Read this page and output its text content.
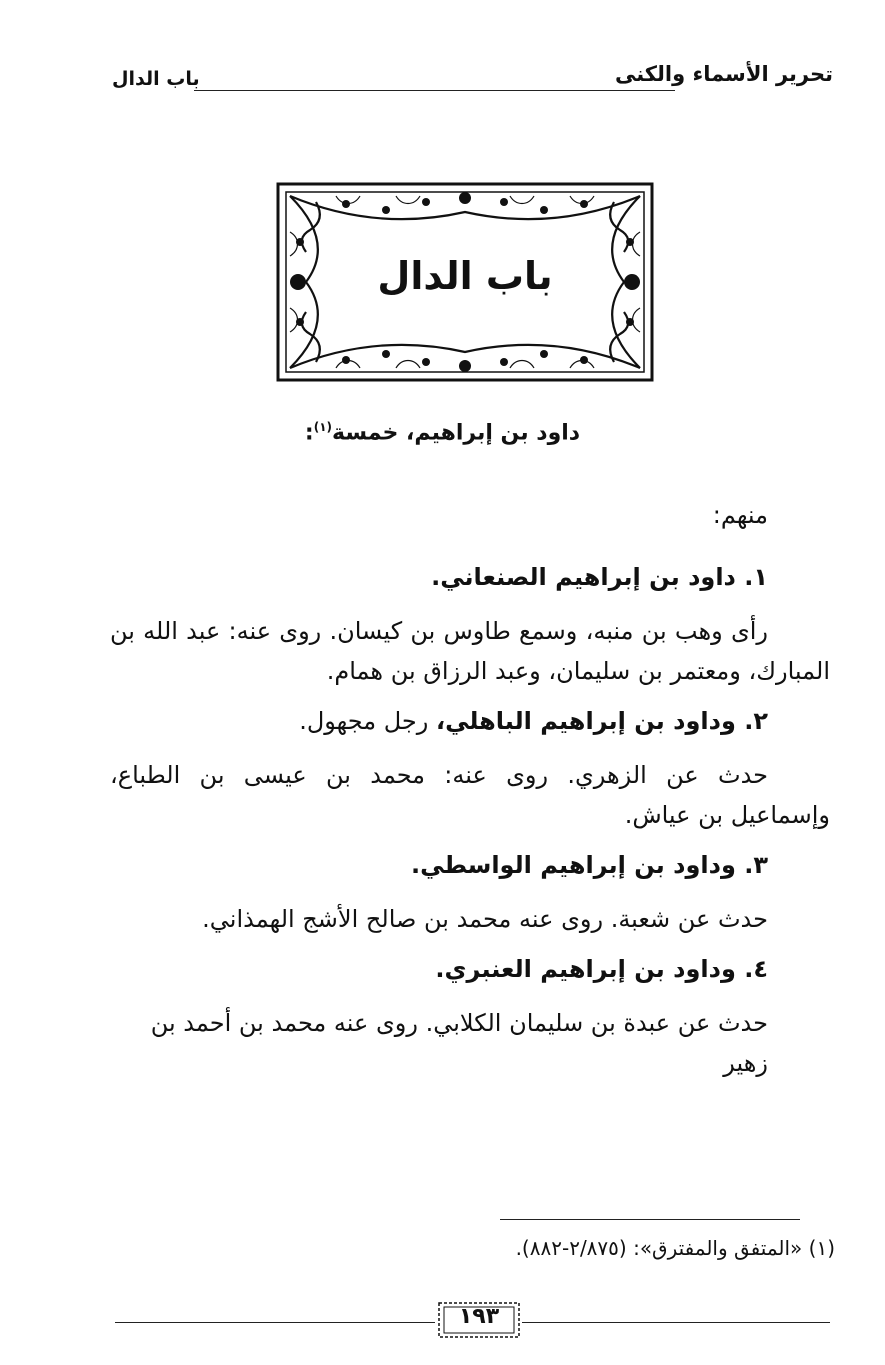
تحرير الأسماء والكنى
باب الدال
باب الدال
داود بن إبراهيم، خمسة$^{(١)}$:

منهم:

١. داود بن إبراهيم الصنعاني.

رأى وهب بن منبه، وسمع طاوس بن كيسان. روى عنه: عبد الله بن المبارك، ومعتمر بن سليمان، وعبد الرزاق بن همام.

٢. وداود بن إبراهيم الباهلي، رجل مجهول.

حدث عن الزهري. روى عنه: محمد بن عيسى بن الطباع، وإسماعيل بن عياش.

٣. وداود بن إبراهيم الواسطي.

حدث عن شعبة. روى عنه محمد بن صالح الأشج الهمذاني.

٤. وداود بن إبراهيم العنبري.

حدث عن عبدة بن سليمان الكلابي. روى عنه محمد بن أحمد بن زهير

(١) «المتفق والمفترق»: (٢/٨٧٥-٨٨٢).
١٩٣
